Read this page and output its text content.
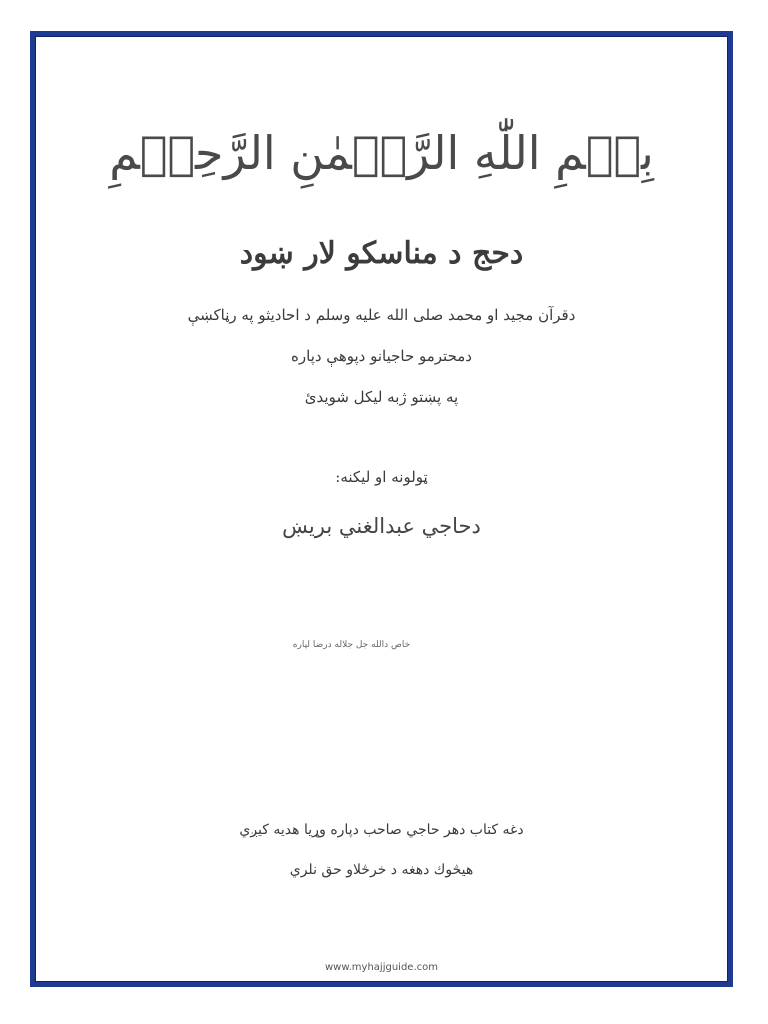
بِسۡمِ اللّٰهِ الرَّحۡمٰنِ الرَّحِيۡمِ
دحج د مناسكو لار ښود
دقرآن مجيد او محمد صلى الله عليه وسلم د احاديثو په رڼاكښې
دمحترمو حاجيانو دپوهې دپاره
په پښتو ژبه ليكل شويدئ
ټولونه او ليكنه:
دحاجي عبدالغني بريښ
خاص دالله جل جلاله درضا لپاره
دغه كتاب دهر حاجي صاحب دپاره وړيا هديه كيږي
هيڅوك دهغه د خرڅلاو حق نلري
www.myhajjguide.com
